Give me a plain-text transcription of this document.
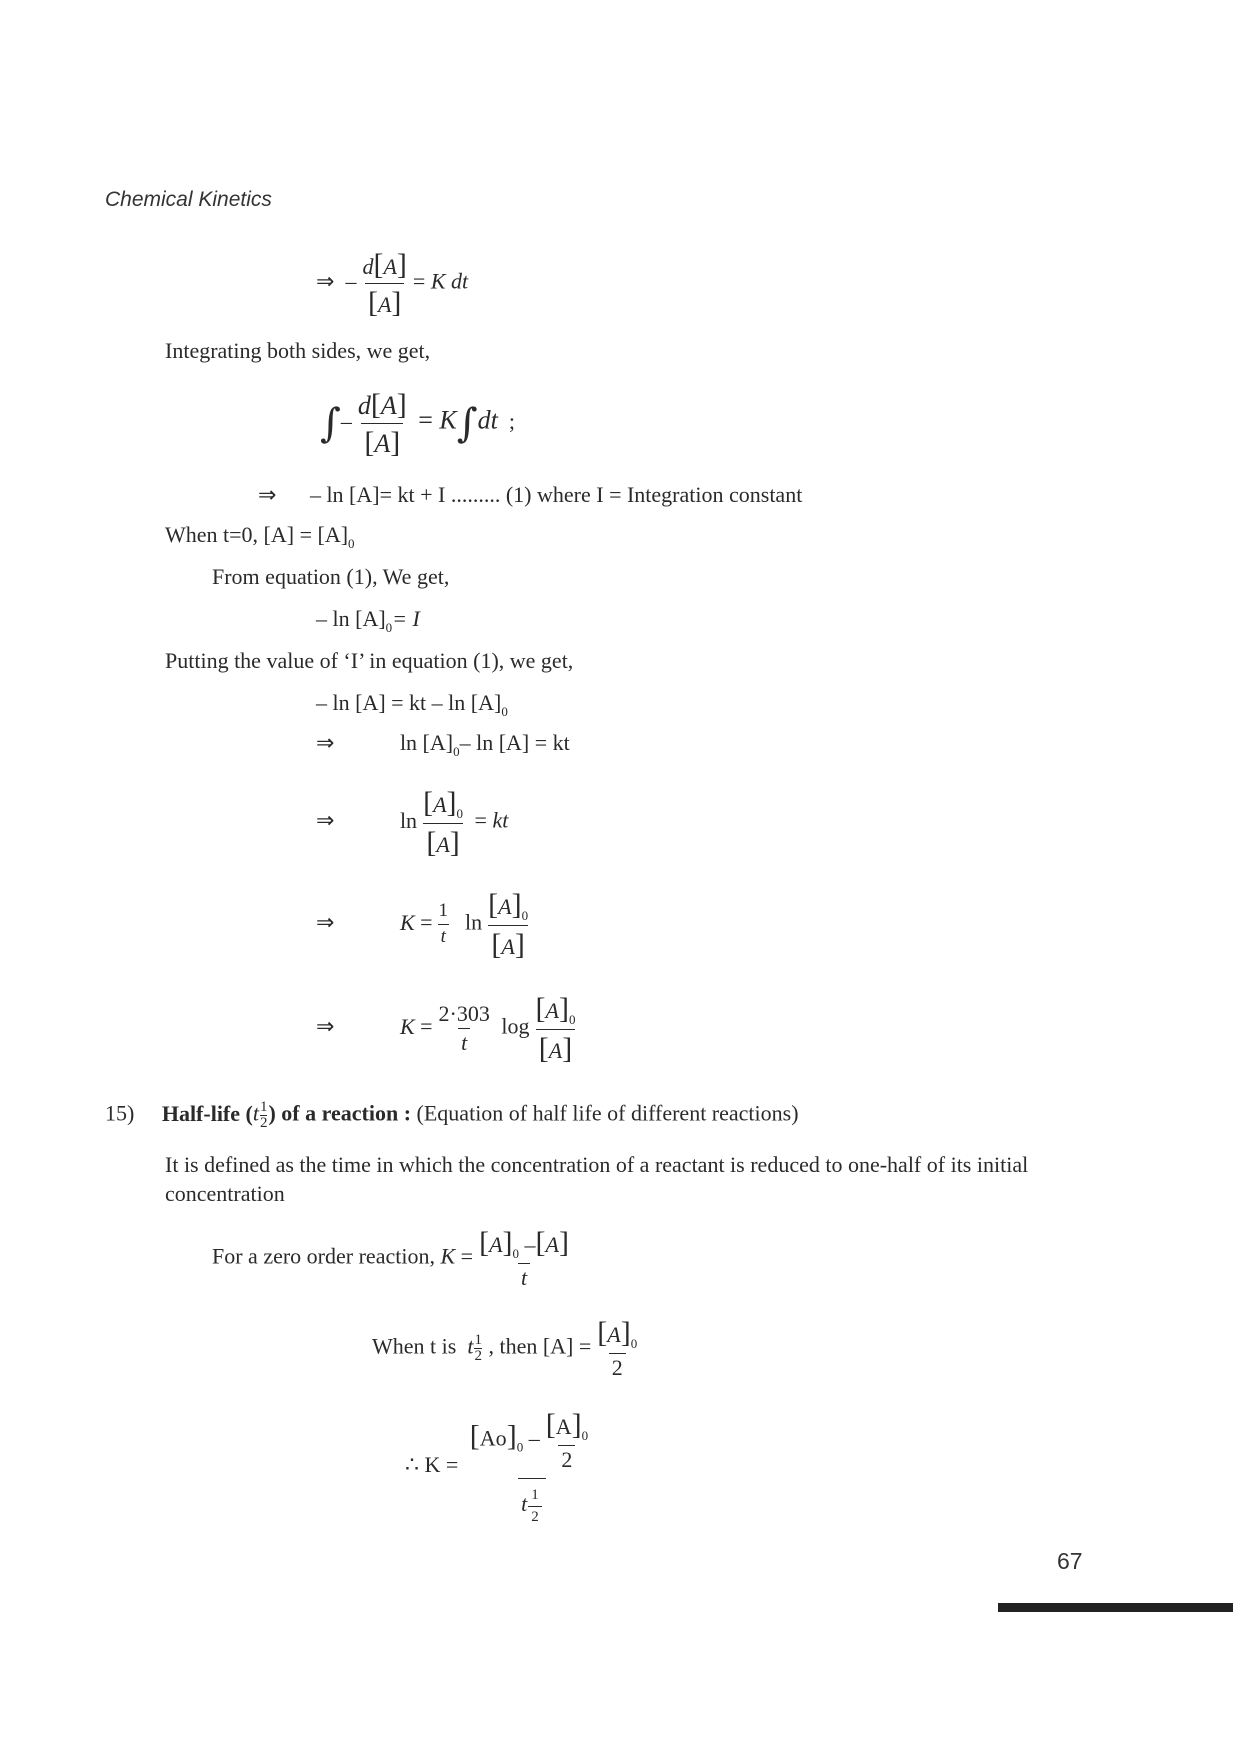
Chemical Kinetics
⇒  – $\frac{d[A]}{[A]} = K$ dt
Integrating both sides, we get,
∫– $\frac{d[A]}{[A]} = K\int dt$  ;
⇒ – ln [A]= kt + I ......... (1) where I = Integration constant
When t=0, $[A] = [A]_0$
From equation (1), We get,
– $\ln [A]_0= I$
Putting the value of ‘I’ in equation (1), we get,
– ln [A] = kt – $\ln [A]_0$
⇒	$\ln [A]_0-$ ln [A] = kt
⇒	$\ln \frac{[A]_0}{[A]}$ = kt
⇒	$K = \frac{1}{t}$ $\ln \frac{[A]_0}{[A]}$
⇒	$K = \frac{2\cdot 303}{t}$ $\log \frac{[A]_0}{[A]}$
15) Half-life ($t \frac{1}{2}$ ) of a reaction : (Equation of half life of different reactions)
It is defined as the time in which the concentration of a reactant is reduced to one-half of its initial concentration
For a zero order reaction, $K = \frac{[A]_0 -[A]}{t}$
When t is t $\frac{1}{2}$ , then $[A] = \frac{[A]_0}{2}$
∴ $K = \frac{[Ao]_0 - \frac{[A]_0}{2}}{t \frac{1}{2}}$
67
